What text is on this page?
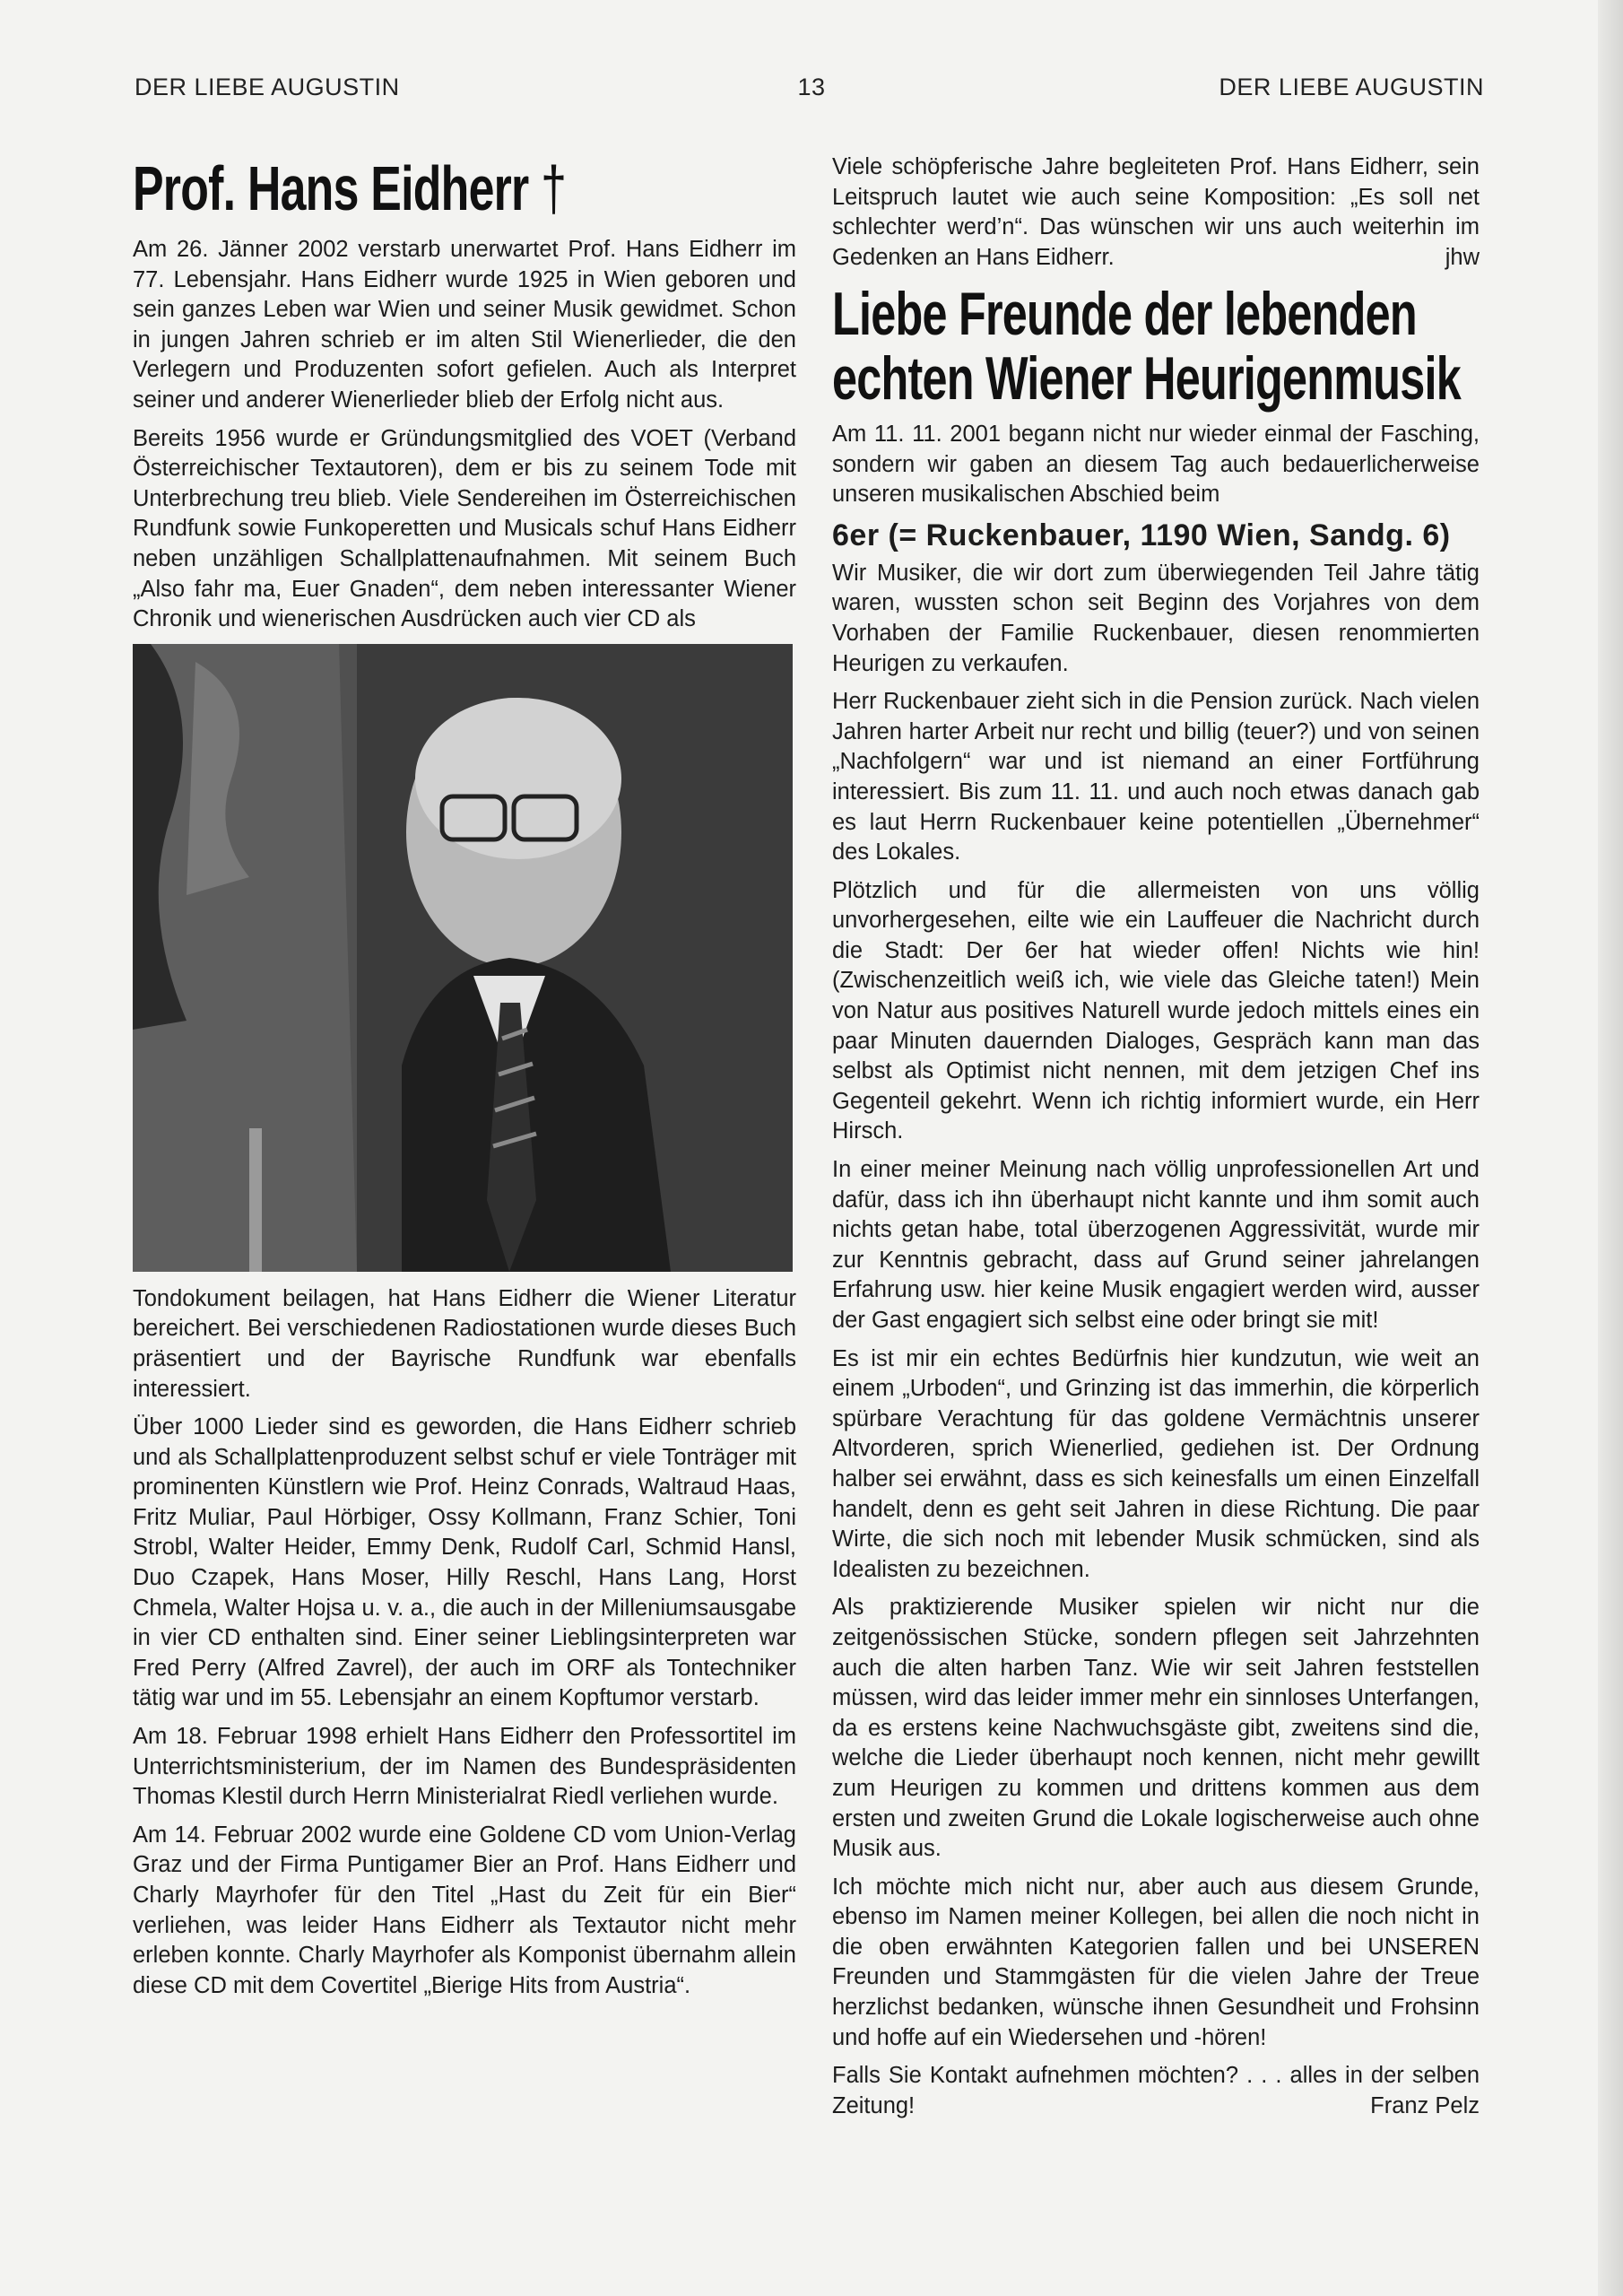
DER LIEBE AUGUSTIN	13	DER LIEBE AUGUSTIN
Prof. Hans Eidherr †

Am 26. Jänner 2002 verstarb unerwartet Prof. Hans Eidherr im 77. Lebensjahr. Hans Eidherr wurde 1925 in Wien geboren und sein ganzes Leben war Wien und seiner Musik gewidmet. Schon in jungen Jahren schrieb er im alten Stil Wienerlieder, die den Verlegern und Produzenten sofort gefielen. Auch als Interpret seiner und anderer Wienerlieder blieb der Erfolg nicht aus.

Bereits 1956 wurde er Gründungsmitglied des VOET (Verband Österreichischer Textautoren), dem er bis zu seinem Tode mit Unterbrechung treu blieb. Viele Sendereihen im Österreichischen Rundfunk sowie Funkoperetten und Musicals schuf Hans Eidherr neben unzähligen Schallplattenaufnahmen. Mit seinem Buch „Also fahr ma, Euer Gnaden“, dem neben interessanter Wiener Chronik und wienerischen Ausdrücken auch vier CD als

Tondokument beilagen, hat Hans Eidherr die Wiener Literatur bereichert. Bei verschiedenen Radiostationen wurde dieses Buch präsentiert und der Bayrische Rundfunk war ebenfalls interessiert.

Über 1000 Lieder sind es geworden, die Hans Eidherr schrieb und als Schallplattenproduzent selbst schuf er viele Tonträger mit prominenten Künstlern wie Prof. Heinz Conrads, Waltraud Haas, Fritz Muliar, Paul Hörbiger, Ossy Kollmann, Franz Schier, Toni Strobl, Walter Heider, Emmy Denk, Rudolf Carl, Schmid Hansl, Duo Czapek, Hans Moser, Hilly Reschl, Hans Lang, Horst Chmela, Walter Hojsa u. v. a., die auch in der Milleniumsausgabe in vier CD enthalten sind. Einer seiner Lieblingsinterpreten war Fred Perry (Alfred Zavrel), der auch im ORF als Tontechniker tätig war und im 55. Lebensjahr an einem Kopftumor verstarb.

Am 18. Februar 1998 erhielt Hans Eidherr den Professortitel im Unterrichtsministerium, der im Namen des Bundespräsidenten Thomas Klestil durch Herrn Ministerialrat Riedl verliehen wurde.

Am 14. Februar 2002 wurde eine Goldene CD vom Union-Verlag Graz und der Firma Puntigamer Bier an Prof. Hans Eidherr und Charly Mayrhofer für den Titel „Hast du Zeit für ein Bier“ verliehen, was leider Hans Eidherr als Textautor nicht mehr erleben konnte. Charly Mayrhofer als Komponist übernahm allein diese CD mit dem Covertitel „Bierige Hits from Austria“.

Viele schöpferische Jahre begleiteten Prof. Hans Eidherr, sein Leitspruch lautet wie auch seine Komposition: „Es soll net schlechter werd’n“. Das wünschen wir uns auch weiterhin im Gedenken an Hans Eidherr.	jhw

Liebe Freunde der lebenden
echten Wiener Heurigenmusik

Am 11. 11. 2001 begann nicht nur wieder einmal der Fasching, sondern wir gaben an diesem Tag auch bedauerlicherweise unseren musikalischen Abschied beim

6er (= Ruckenbauer, 1190 Wien, Sandg. 6)

Wir Musiker, die wir dort zum überwiegenden Teil Jahre tätig waren, wussten schon seit Beginn des Vorjahres von dem Vorhaben der Familie Ruckenbauer, diesen renommierten Heurigen zu verkaufen.

Herr Ruckenbauer zieht sich in die Pension zurück. Nach vielen Jahren harter Arbeit nur recht und billig (teuer?) und von seinen „Nachfolgern“ war und ist niemand an einer Fortführung interessiert. Bis zum 11. 11. und auch noch etwas danach gab es laut Herrn Ruckenbauer keine potentiellen „Übernehmer“ des Lokales.

Plötzlich und für die allermeisten von uns völlig unvorhergesehen, eilte wie ein Lauffeuer die Nachricht durch die Stadt: Der 6er hat wieder offen! Nichts wie hin! (Zwischenzeitlich weiß ich, wie viele das Gleiche taten!) Mein von Natur aus positives Naturell wurde jedoch mittels eines ein paar Minuten dauernden Dialoges, Gespräch kann man das selbst als Optimist nicht nennen, mit dem jetzigen Chef ins Gegenteil gekehrt. Wenn ich richtig informiert wurde, ein Herr Hirsch.

In einer meiner Meinung nach völlig unprofessionellen Art und dafür, dass ich ihn überhaupt nicht kannte und ihm somit auch nichts getan habe, total überzogenen Aggressivität, wurde mir zur Kenntnis gebracht, dass auf Grund seiner jahrelangen Erfahrung usw. hier keine Musik engagiert werden wird, ausser der Gast engagiert sich selbst eine oder bringt sie mit!

Es ist mir ein echtes Bedürfnis hier kundzutun, wie weit an einem „Urboden“, und Grinzing ist das immerhin, die körperlich spürbare Verachtung für das goldene Vermächtnis unserer Altvorderen, sprich Wienerlied, gediehen ist. Der Ordnung halber sei erwähnt, dass es sich keinesfalls um einen Einzelfall handelt, denn es geht seit Jahren in diese Richtung. Die paar Wirte, die sich noch mit lebender Musik schmücken, sind als Idealisten zu bezeichnen.

Als praktizierende Musiker spielen wir nicht nur die zeitgenössischen Stücke, sondern pflegen seit Jahrzehnten auch die alten harben Tanz. Wie wir seit Jahren feststellen müssen, wird das leider immer mehr ein sinnloses Unterfangen, da es erstens keine Nachwuchsgäste gibt, zweitens sind die, welche die Lieder überhaupt noch kennen, nicht mehr gewillt zum Heurigen zu kommen und drittens kommen aus dem ersten und zweiten Grund die Lokale logischerweise auch ohne Musik aus.

Ich möchte mich nicht nur, aber auch aus diesem Grunde, ebenso im Namen meiner Kollegen, bei allen die noch nicht in die oben erwähnten Kategorien fallen und bei UNSEREN Freunden und Stammgästen für die vielen Jahre der Treue herzlichst bedanken, wünsche ihnen Gesundheit und Frohsinn und hoffe auf ein Wiedersehen und -hören!

Falls Sie Kontakt aufnehmen möchten? . . . alles in der selben Zeitung!	Franz Pelz
